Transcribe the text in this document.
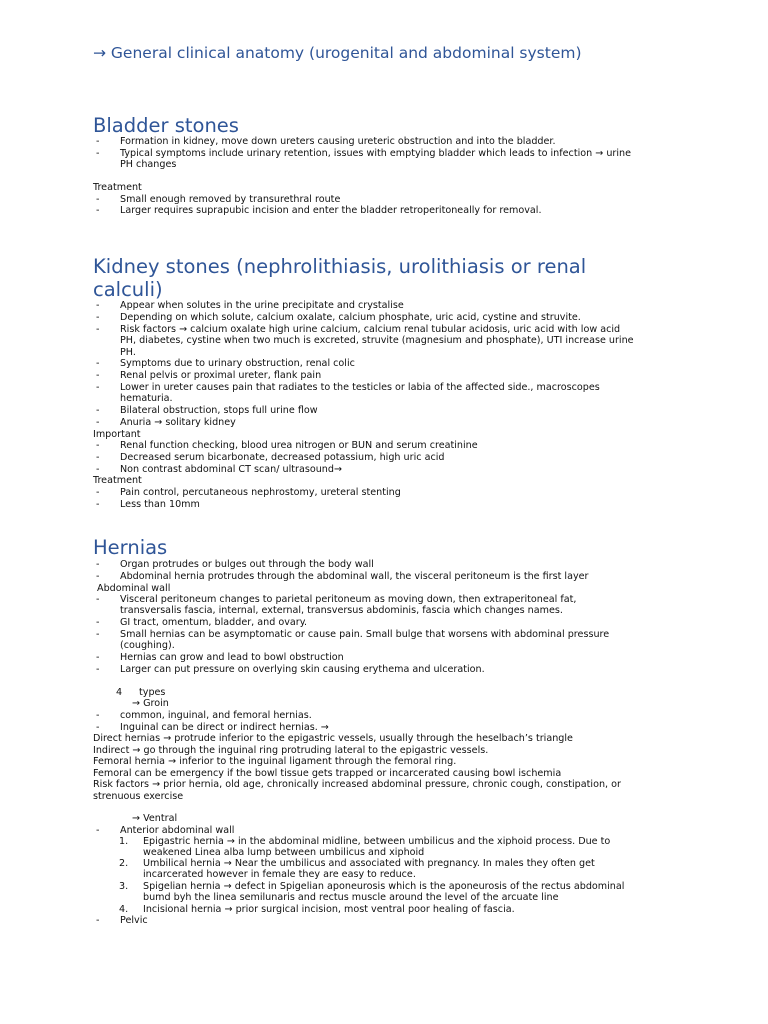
→ General clinical anatomy (urogenital and abdominal system)
Bladder stones
- Formation in kidney, move down ureters causing ureteric obstruction and into the bladder.
- Typical symptoms include urinary retention, issues with emptying bladder which leads to infection → urine
PH changes
Treatment
- Small enough removed by transurethral route
- Larger requires suprapubic incision and enter the bladder retroperitoneally for removal.
Kidney stones (nephrolithiasis, urolithiasis or renal
calculi)
- Appear when solutes in the urine precipitate and crystalise
- Depending on which solute, calcium oxalate, calcium phosphate, uric acid, cystine and struvite.
- Risk factors → calcium oxalate high urine calcium, calcium renal tubular acidosis, uric acid with low acid
PH, diabetes, cystine when two much is excreted, struvite (magnesium and phosphate), UTI increase urine
PH.
- Symptoms due to urinary obstruction, renal colic
- Renal pelvis or proximal ureter, flank pain
- Lower in ureter causes pain that radiates to the testicles or labia of the affected side., macroscopes
hematuria.
- Bilateral obstruction, stops full urine flow
- Anuria → solitary kidney
Important
- Renal function checking, blood urea nitrogen or BUN and serum creatinine
- Decreased serum bicarbonate, decreased potassium, high uric acid
- Non contrast abdominal CT scan/ ultrasound→
Treatment
- Pain control, percutaneous nephrostomy, ureteral stenting
- Less than 10mm
Hernias
- Organ protrudes or bulges out through the body wall
- Abdominal hernia protrudes through the abdominal wall, the visceral peritoneum is the first layer
Abdominal wall
- Visceral peritoneum changes to parietal peritoneum as moving down, then extraperitoneal fat,
transversalis fascia, internal, external, transversus abdominis, fascia which changes names.
- GI tract, omentum, bladder, and ovary.
- Small hernias can be asymptomatic or cause pain. Small bulge that worsens with abdominal pressure
(coughing).
- Hernias can grow and lead to bowl obstruction
- Larger can put pressure on overlying skin causing erythema and ulceration.
4 types
→ Groin
- common, inguinal, and femoral hernias.
- Inguinal can be direct or indirect hernias. →
Direct hernias → protrude inferior to the epigastric vessels, usually through the heselbach’s triangle
Indirect → go through the inguinal ring protruding lateral to the epigastric vessels.
Femoral hernia → inferior to the inguinal ligament through the femoral ring.
Femoral can be emergency if the bowl tissue gets trapped or incarcerated causing bowl ischemia
Risk factors → prior hernia, old age, chronically increased abdominal pressure, chronic cough, constipation, or
strenuous exercise
→ Ventral
- Anterior abdominal wall
1. Epigastric hernia → in the abdominal midline, between umbilicus and the xiphoid process. Due to
weakened Linea alba lump between umbilicus and xiphoid
2. Umbilical hernia → Near the umbilicus and associated with pregnancy. In males they often get
incarcerated however in female they are easy to reduce.
3. Spigelian hernia → defect in Spigelian aponeurosis which is the aponeurosis of the rectus abdominal
bumd byh the linea semilunaris and rectus muscle around the level of the arcuate line
4. Incisional hernia → prior surgical incision, most ventral poor healing of fascia.
- Pelvic
